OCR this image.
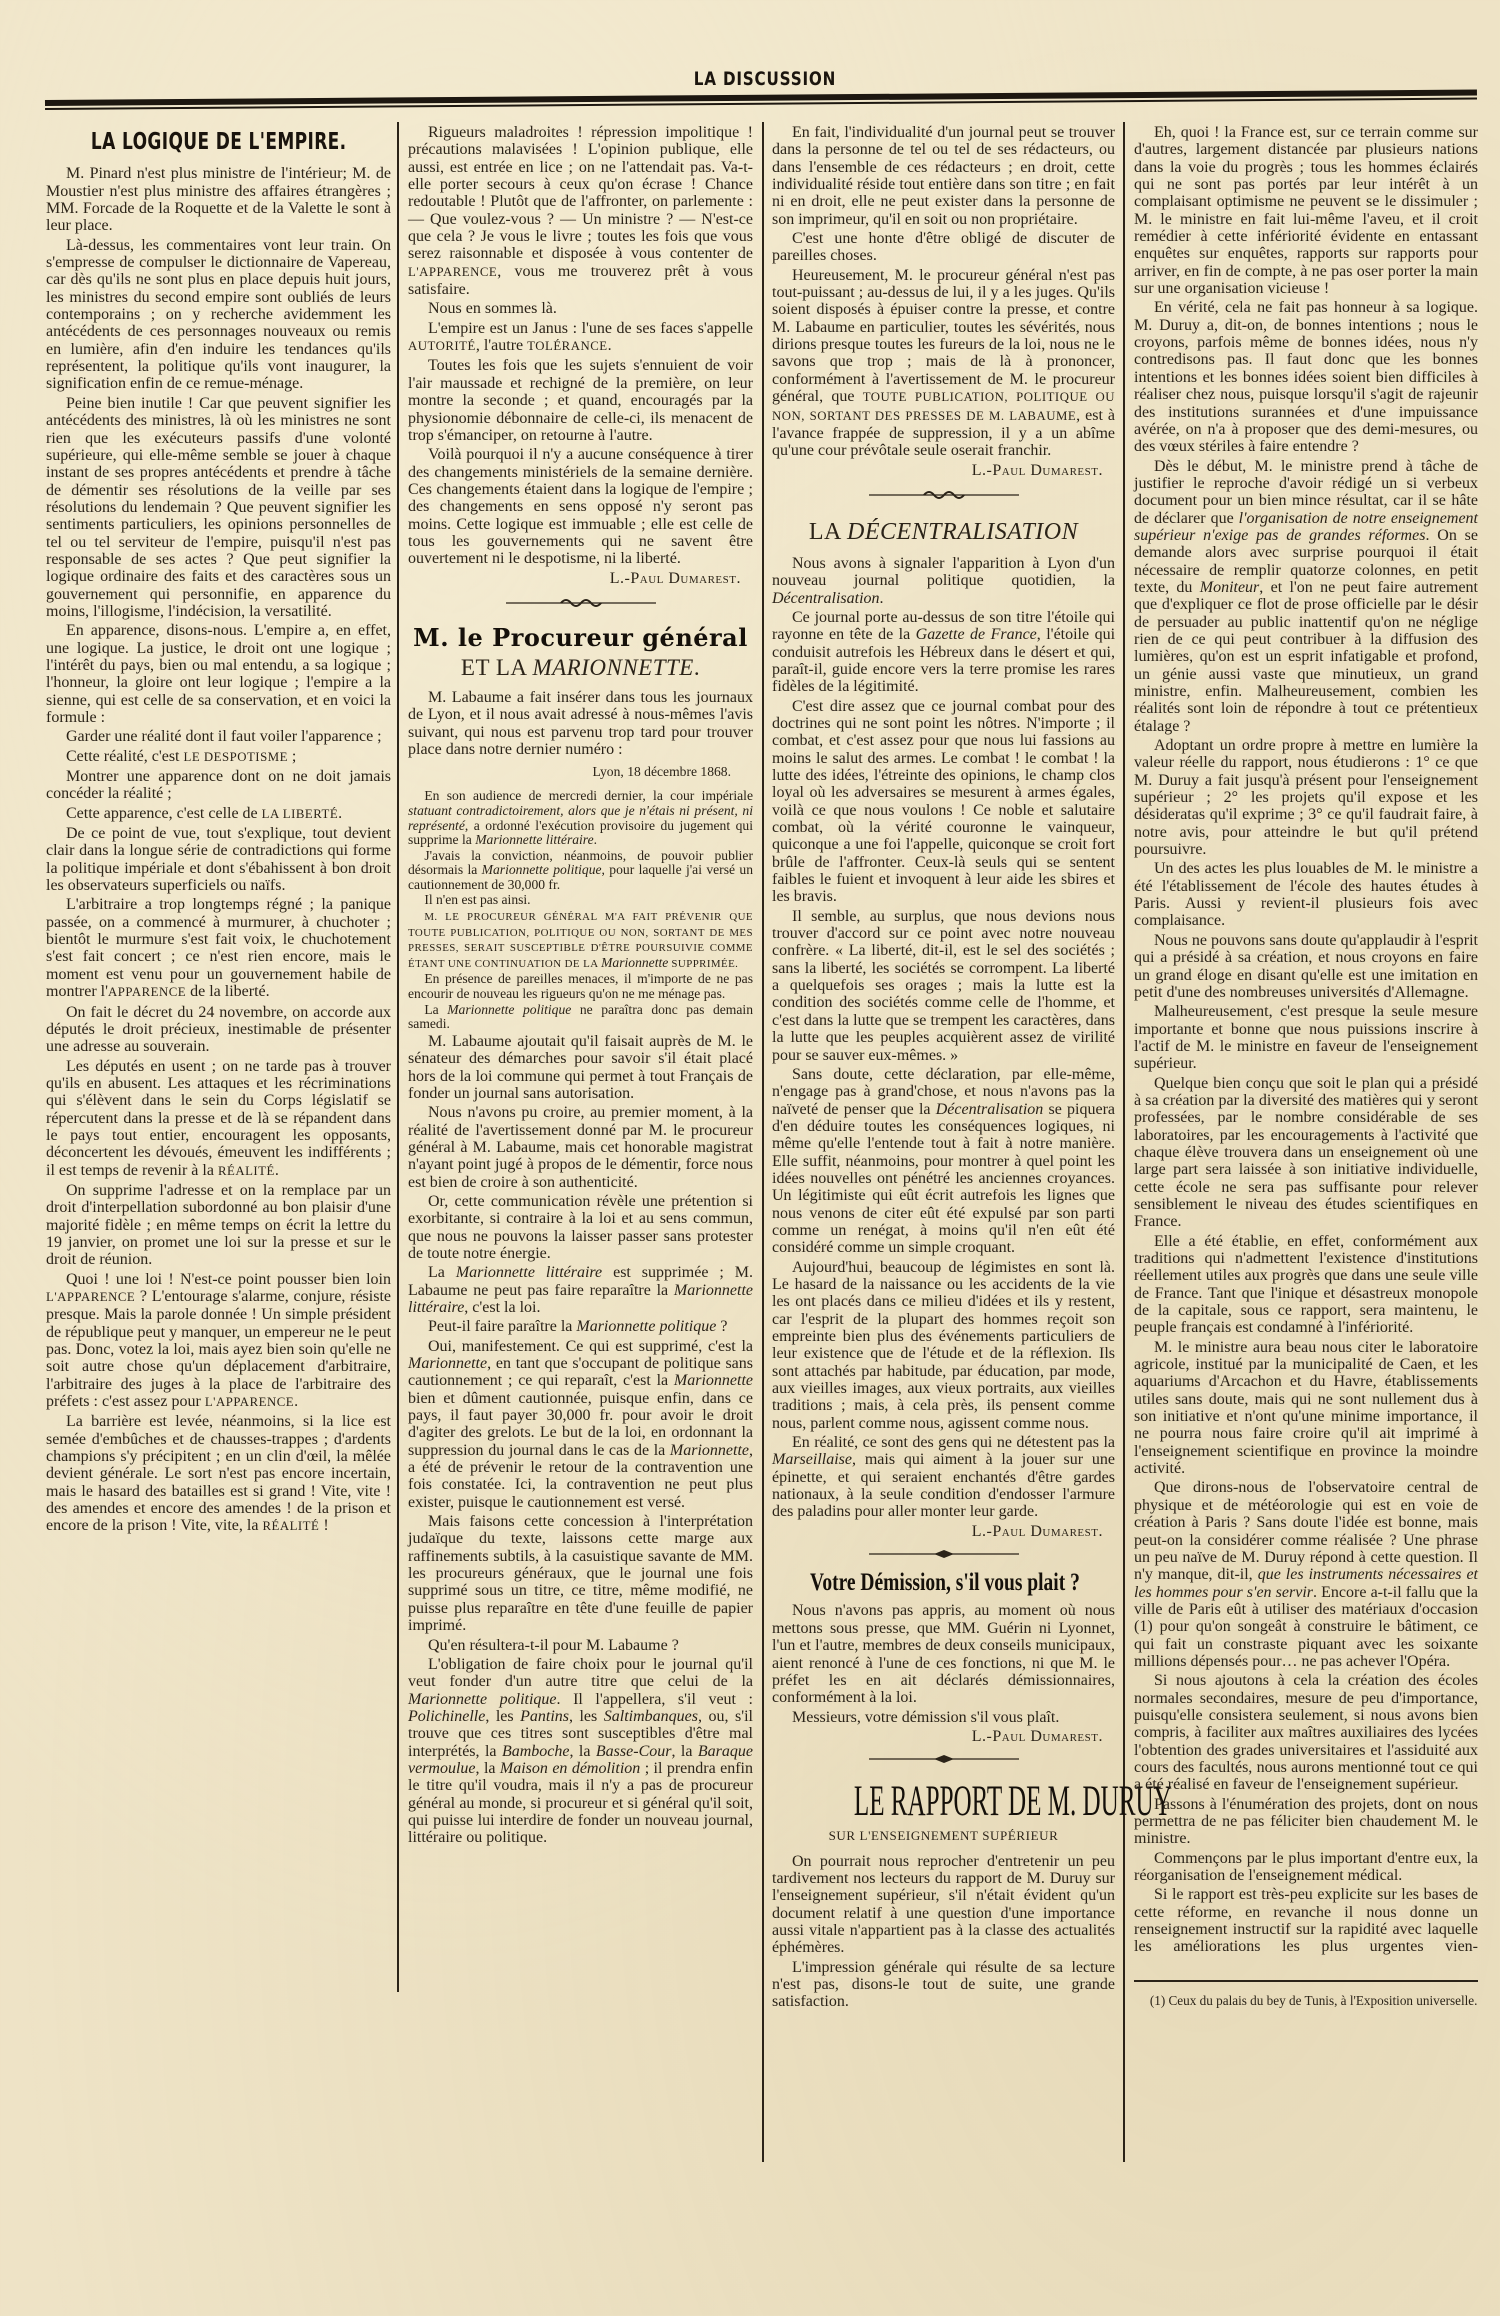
LA DISCUSSION
LA LOGIQUE DE L'EMPIRE.
M. Pinard n'est plus ministre de l'intérieur; M. de Moustier n'est plus ministre des affaires étrangères ; MM. Forcade de la Roquette et de la Valette le sont à leur place.
Là-dessus, les commentaires vont leur train. On s'empresse de compulser le dictionnaire de Vapereau, car dès qu'ils ne sont plus en place depuis huit jours, les ministres du second empire sont oubliés de leurs contemporains ; on y recherche avidemment les antécédents de ces personnages nouveaux ou remis en lumière, afin d'en induire les tendances qu'ils représentent, la politique qu'ils vont inaugurer, la signification enfin de ce remue-ménage.
Peine bien inutile ! Car que peuvent signifier les antécédents des ministres, là où les ministres ne sont rien que les exécuteurs passifs d'une volonté supérieure, qui elle-même semble se jouer à chaque instant de ses propres antécédents et prendre à tâche de démentir ses résolutions de la veille par ses résolutions du lendemain ? Que peuvent signifier les sentiments particuliers, les opinions personnelles de tel ou tel serviteur de l'empire, puisqu'il n'est pas responsable de ses actes ? Que peut signifier la logique ordinaire des faits et des caractères sous un gouvernement qui personnifie, en apparence du moins, l'illogisme, l'indécision, la versatilité.
En apparence, disons-nous. L'empire a, en effet, une logique. La justice, le droit ont une logique ; l'intérêt du pays, bien ou mal entendu, a sa logique ; l'honneur, la gloire ont leur logique ; l'empire a la sienne, qui est celle de sa conservation, et en voici la formule :
Garder une réalité dont il faut voiler l'apparence ;
Cette réalité, c'est LE DESPOTISME ;
Montrer une apparence dont on ne doit jamais concéder la réalité ;
Cette apparence, c'est celle de LA LIBERTÉ.
De ce point de vue, tout s'explique, tout devient clair dans la longue série de contradictions qui forme la politique impériale et dont s'ébahissent à bon droit les observateurs superficiels ou naïfs.
L'arbitraire a trop longtemps régné ; la panique passée, on a commencé à murmurer, à chuchoter ; bientôt le murmure s'est fait voix, le chuchotement s'est fait concert ; ce n'est rien encore, mais le moment est venu pour un gouvernement habile de montrer l'APPARENCE de la liberté.
On fait le décret du 24 novembre, on accorde aux députés le droit précieux, inestimable de présenter une adresse au souverain.
Les députés en usent ; on ne tarde pas à trouver qu'ils en abusent. Les attaques et les récriminations qui s'élèvent dans le sein du Corps législatif se répercutent dans la presse et de là se répandent dans le pays tout entier, encouragent les opposants, déconcertent les dévoués, émeuvent les indifférents ; il est temps de revenir à la RÉALITÉ.
On supprime l'adresse et on la remplace par un droit d'interpellation subordonné au bon plaisir d'une majorité fidèle ; en même temps on écrit la lettre du 19 janvier, on promet une loi sur la presse et sur le droit de réunion.
Quoi ! une loi ! N'est-ce point pousser bien loin L'APPARENCE ? L'entourage s'alarme, conjure, résiste presque. Mais la parole donnée ! Un simple président de république peut y manquer, un empereur ne le peut pas. Donc, votez la loi, mais ayez bien soin qu'elle ne soit autre chose qu'un déplacement d'arbitraire, l'arbitraire des juges à la place de l'arbitraire des préfets : c'est assez pour L'APPARENCE.
La barrière est levée, néanmoins, si la lice est semée d'embûches et de chausses-trappes ; d'ardents champions s'y précipitent ; en un clin d'œil, la mêlée devient générale. Le sort n'est pas encore incertain, mais le hasard des batailles est si grand ! Vite, vite ! des amendes et encore des amendes ! de la prison et encore de la prison ! Vite, vite, la RÉALITÉ !
Rigueurs maladroites ! répression impolitique ! précautions malavisées ! L'opinion publique, elle aussi, est entrée en lice ; on ne l'attendait pas. Va-t-elle porter secours à ceux qu'on écrase ! Chance redoutable ! Plutôt que de l'affronter, on parlemente : — Que voulez-vous ? — Un ministre ? — N'est-ce que cela ? Je vous le livre ; toutes les fois que vous serez raisonnable et disposée à vous contenter de L'APPARENCE, vous me trouverez prêt à vous satisfaire.
Nous en sommes là.
L'empire est un Janus : l'une de ses faces s'appelle AUTORITÉ, l'autre TOLÉRANCE.
Toutes les fois que les sujets s'ennuient de voir l'air maussade et rechigné de la première, on leur montre la seconde ; et quand, encouragés par la physionomie débonnaire de celle-ci, ils menacent de trop s'émanciper, on retourne à l'autre.
Voilà pourquoi il n'y a aucune conséquence à tirer des changements ministériels de la semaine dernière. Ces changements étaient dans la logique de l'empire ; des changements en sens opposé n'y seront pas moins. Cette logique est immuable ; elle est celle de tous les gouvernements qui ne savent être ouvertement ni le despotisme, ni la liberté.
L.-Paul Dumarest.
M. le Procureur général
ET LA MARIONNETTE.
M. Labaume a fait insérer dans tous les journaux de Lyon, et il nous avait adressé à nous-mêmes l'avis suivant, qui nous est parvenu trop tard pour trouver place dans notre dernier numéro :
Lyon, 18 décembre 1868.
En son audience de mercredi dernier, la cour impériale statuant contradictoirement, alors que je n'étais ni présent, ni représenté, a ordonné l'exécution provisoire du jugement qui supprime la Marionnette littéraire.
J'avais la conviction, néanmoins, de pouvoir publier désormais la Marionnette politique, pour laquelle j'ai versé un cautionnement de 30,000 fr.
Il n'en est pas ainsi.
M. LE PROCUREUR GÉNÉRAL M'A FAIT PRÉVENIR QUE TOUTE PUBLICATION, POLITIQUE OU NON, SORTANT DE MES PRESSES, SERAIT SUSCEPTIBLE D'ÊTRE POURSUIVIE COMME ÉTANT UNE CONTINUATION DE LA Marionnette SUPPRIMÉE.
En présence de pareilles menaces, il m'importe de ne pas encourir de nouveau les rigueurs qu'on ne me ménage pas.
La Marionnette politique ne paraîtra donc pas demain samedi.
M. Labaume ajoutait qu'il faisait auprès de M. le sénateur des démarches pour savoir s'il était placé hors de la loi commune qui permet à tout Français de fonder un journal sans autorisation.
Nous n'avons pu croire, au premier moment, à la réalité de l'avertissement donné par M. le procureur général à M. Labaume, mais cet honorable magistrat n'ayant point jugé à propos de le démentir, force nous est bien de croire à son authenticité.
Or, cette communication révèle une prétention si exorbitante, si contraire à la loi et au sens commun, que nous ne pouvons la laisser passer sans protester de toute notre énergie.
La Marionnette littéraire est supprimée ; M. Labaume ne peut pas faire reparaître la Marionnette littéraire, c'est la loi.
Peut-il faire paraître la Marionnette politique ?
Oui, manifestement. Ce qui est supprimé, c'est la Marionnette, en tant que s'occupant de politique sans cautionnement ; ce qui reparaît, c'est la Marionnette bien et dûment cautionnée, puisque enfin, dans ce pays, il faut payer 30,000 fr. pour avoir le droit d'agiter des grelots. Le but de la loi, en ordonnant la suppression du journal dans le cas de la Marionnette, a été de prévenir le retour de la contravention une fois constatée. Ici, la contravention ne peut plus exister, puisque le cautionnement est versé.
Mais faisons cette concession à l'interprétation judaïque du texte, laissons cette marge aux raffinements subtils, à la casuistique savante de MM. les procureurs généraux, que le journal une fois supprimé sous un titre, ce titre, même modifié, ne puisse plus reparaître en tête d'une feuille de papier imprimé.
Qu'en résultera-t-il pour M. Labaume ?
L'obligation de faire choix pour le journal qu'il veut fonder d'un autre titre que celui de la Marionnette politique. Il l'appellera, s'il veut : Polichinelle, les Pantins, les Saltimbanques, ou, s'il trouve que ces titres sont susceptibles d'être mal interprétés, la Bamboche, la Basse-Cour, la Baraque vermoulue, la Maison en démolition ; il prendra enfin le titre qu'il voudra, mais il n'y a pas de procureur général au monde, si procureur et si général qu'il soit, qui puisse lui interdire de fonder un nouveau journal, littéraire ou politique.
En fait, l'individualité d'un journal peut se trouver dans la personne de tel ou tel de ses rédacteurs, ou dans l'ensemble de ces rédacteurs ; en droit, cette individualité réside tout entière dans son titre ; en fait ni en droit, elle ne peut exister dans la personne de son imprimeur, qu'il en soit ou non propriétaire.
C'est une honte d'être obligé de discuter de pareilles choses.
Heureusement, M. le procureur général n'est pas tout-puissant ; au-dessus de lui, il y a les juges. Qu'ils soient disposés à épuiser contre la presse, et contre M. Labaume en particulier, toutes les sévérités, nous dirions presque toutes les fureurs de la loi, nous ne le savons que trop ; mais de là à prononcer, conformément à l'avertissement de M. le procureur général, que TOUTE PUBLICATION, POLITIQUE OU NON, SORTANT DES PRESSES DE M. LABAUME, est à l'avance frappée de suppression, il y a un abîme qu'une cour prévôtale seule oserait franchir.
L.-Paul Dumarest.
LA DÉCENTRALISATION
Nous avons à signaler l'apparition à Lyon d'un nouveau journal politique quotidien, la Décentralisation.
Ce journal porte au-dessus de son titre l'étoile qui rayonne en tête de la Gazette de France, l'étoile qui conduisit autrefois les Hébreux dans le désert et qui, paraît-il, guide encore vers la terre promise les rares fidèles de la légitimité.
C'est dire assez que ce journal combat pour des doctrines qui ne sont point les nôtres. N'importe ; il combat, et c'est assez pour que nous lui fassions au moins le salut des armes. Le combat ! le combat ! la lutte des idées, l'étreinte des opinions, le champ clos loyal où les adversaires se mesurent à armes égales, voilà ce que nous voulons ! Ce noble et salutaire combat, où la vérité couronne le vainqueur, quiconque a une foi l'appelle, quiconque se croit fort brûle de l'affronter. Ceux-là seuls qui se sentent faibles le fuient et invoquent à leur aide les sbires et les bravis.
Il semble, au surplus, que nous devions nous trouver d'accord sur ce point avec notre nouveau confrère. « La liberté, dit-il, est le sel des sociétés ; sans la liberté, les sociétés se corrompent. La liberté a quelquefois ses orages ; mais la lutte est la condition des sociétés comme celle de l'homme, et c'est dans la lutte que se trempent les caractères, dans la lutte que les peuples acquièrent assez de virilité pour se sauver eux-mêmes. »
Sans doute, cette déclaration, par elle-même, n'engage pas à grand'chose, et nous n'avons pas la naïveté de penser que la Décentralisation se piquera d'en déduire toutes les conséquences logiques, ni même qu'elle l'entende tout à fait à notre manière. Elle suffit, néanmoins, pour montrer à quel point les idées nouvelles ont pénétré les anciennes croyances. Un légitimiste qui eût écrit autrefois les lignes que nous venons de citer eût été expulsé par son parti comme un renégat, à moins qu'il n'en eût été considéré comme un simple croquant.
Aujourd'hui, beaucoup de légimistes en sont là. Le hasard de la naissance ou les accidents de la vie les ont placés dans ce milieu d'idées et ils y restent, car l'esprit de la plupart des hommes reçoit son empreinte bien plus des événements particuliers de leur existence que de l'étude et de la réflexion. Ils sont attachés par habitude, par éducation, par mode, aux vieilles images, aux vieux portraits, aux vieilles traditions ; mais, à cela près, ils pensent comme nous, parlent comme nous, agissent comme nous.
En réalité, ce sont des gens qui ne détestent pas la Marseillaise, mais qui aiment à la jouer sur une épinette, et qui seraient enchantés d'être gardes nationaux, à la seule condition d'endosser l'armure des paladins pour aller monter leur garde.
L.-Paul Dumarest.
Votre Démission, s'il vous plait ?
Nous n'avons pas appris, au moment où nous mettons sous presse, que MM. Guérin ni Lyonnet, l'un et l'autre, membres de deux conseils municipaux, aient renoncé à l'une de ces fonctions, ni que M. le préfet les en ait déclarés démissionnaires, conformément à la loi.
Messieurs, votre démission s'il vous plaît.
L.-Paul Dumarest.
LE RAPPORT DE M. DURUY
SUR L'ENSEIGNEMENT SUPÉRIEUR
On pourrait nous reprocher d'entretenir un peu tardivement nos lecteurs du rapport de M. Duruy sur l'enseignement supérieur, s'il n'était évident qu'un document relatif à une question d'une importance aussi vitale n'appartient pas à la classe des actualités éphémères.
L'impression générale qui résulte de sa lecture n'est pas, disons-le tout de suite, une grande satisfaction.
Eh, quoi ! la France est, sur ce terrain comme sur d'autres, largement distancée par plusieurs nations dans la voie du progrès ; tous les hommes éclairés qui ne sont pas portés par leur intérêt à un complaisant optimisme ne peuvent se le dissimuler ; M. le ministre en fait lui-même l'aveu, et il croit remédier à cette infériorité évidente en entassant enquêtes sur enquêtes, rapports sur rapports pour arriver, en fin de compte, à ne pas oser porter la main sur une organisation vicieuse !
En vérité, cela ne fait pas honneur à sa logique. M. Duruy a, dit-on, de bonnes intentions ; nous le croyons, parfois même de bonnes idées, nous n'y contredisons pas. Il faut donc que les bonnes intentions et les bonnes idées soient bien difficiles à réaliser chez nous, puisque lorsqu'il s'agit de rajeunir des institutions surannées et d'une impuissance avérée, on n'a à proposer que des demi-mesures, ou des vœux stériles à faire entendre ?
Dès le début, M. le ministre prend à tâche de justifier le reproche d'avoir rédigé un si verbeux document pour un bien mince résultat, car il se hâte de déclarer que l'organisation de notre enseignement supérieur n'exige pas de grandes réformes. On se demande alors avec surprise pourquoi il était nécessaire de remplir quatorze colonnes, en petit texte, du Moniteur, et l'on ne peut faire autrement que d'expliquer ce flot de prose officielle par le désir de persuader au public inattentif qu'on ne néglige rien de ce qui peut contribuer à la diffusion des lumières, qu'on est un esprit infatigable et profond, un génie aussi vaste que minutieux, un grand ministre, enfin. Malheureusement, combien les réalités sont loin de répondre à tout ce prétentieux étalage ?
Adoptant un ordre propre à mettre en lumière la valeur réelle du rapport, nous étudierons : 1° ce que M. Duruy a fait jusqu'à présent pour l'enseignement supérieur ; 2° les projets qu'il expose et les désideratas qu'il exprime ; 3° ce qu'il faudrait faire, à notre avis, pour atteindre le but qu'il prétend poursuivre.
Un des actes les plus louables de M. le ministre a été l'établissement de l'école des hautes études à Paris. Aussi y revient-il plusieurs fois avec complaisance.
Nous ne pouvons sans doute qu'applaudir à l'esprit qui a présidé à sa création, et nous croyons en faire un grand éloge en disant qu'elle est une imitation en petit d'une des nombreuses universités d'Allemagne.
Malheureusement, c'est presque la seule mesure importante et bonne que nous puissions inscrire à l'actif de M. le ministre en faveur de l'enseignement supérieur.
Quelque bien conçu que soit le plan qui a présidé à sa création par la diversité des matières qui y seront professées, par le nombre considérable de ses laboratoires, par les encouragements à l'activité que chaque élève trouvera dans un enseignement où une large part sera laissée à son initiative individuelle, cette école ne sera pas suffisante pour relever sensiblement le niveau des études scientifiques en France.
Elle a été établie, en effet, conformément aux traditions qui n'admettent l'existence d'institutions réellement utiles aux progrès que dans une seule ville de France. Tant que l'inique et désastreux monopole de la capitale, sous ce rapport, sera maintenu, le peuple français est condamné à l'infériorité.
M. le ministre aura beau nous citer le laboratoire agricole, institué par la municipalité de Caen, et les aquariums d'Arcachon et du Havre, établissements utiles sans doute, mais qui ne sont nullement dus à son initiative et n'ont qu'une minime importance, il ne pourra nous faire croire qu'il ait imprimé à l'enseignement scientifique en province la moindre activité.
Que dirons-nous de l'observatoire central de physique et de météorologie qui est en voie de création à Paris ? Sans doute l'idée est bonne, mais peut-on la considérer comme réalisée ? Une phrase un peu naïve de M. Duruy répond à cette question. Il n'y manque, dit-il, que les instruments nécessaires et les hommes pour s'en servir. Encore a-t-il fallu que la ville de Paris eût à utiliser des matériaux d'occasion (1) pour qu'on songeât à construire le bâtiment, ce qui fait un constraste piquant avec les soixante millions dépensés pour… ne pas achever l'Opéra.
Si nous ajoutons à cela la création des écoles normales secondaires, mesure de peu d'importance, puisqu'elle consistera seulement, si nous avons bien compris, à faciliter aux maîtres auxiliaires des lycées l'obtention des grades universitaires et l'assiduité aux cours des facultés, nous aurons mentionné tout ce qui a été réalisé en faveur de l'enseignement supérieur.
Passons à l'énumération des projets, dont on nous permettra de ne pas féliciter bien chaudement M. le ministre.
Commençons par le plus important d'entre eux, la réorganisation de l'enseignement médical.
Si le rapport est très-peu explicite sur les bases de cette réforme, en revanche il nous donne un renseignement instructif sur la rapidité avec laquelle les améliorations les plus urgentes vien-
(1) Ceux du palais du bey de Tunis, à l'Exposition universelle.
